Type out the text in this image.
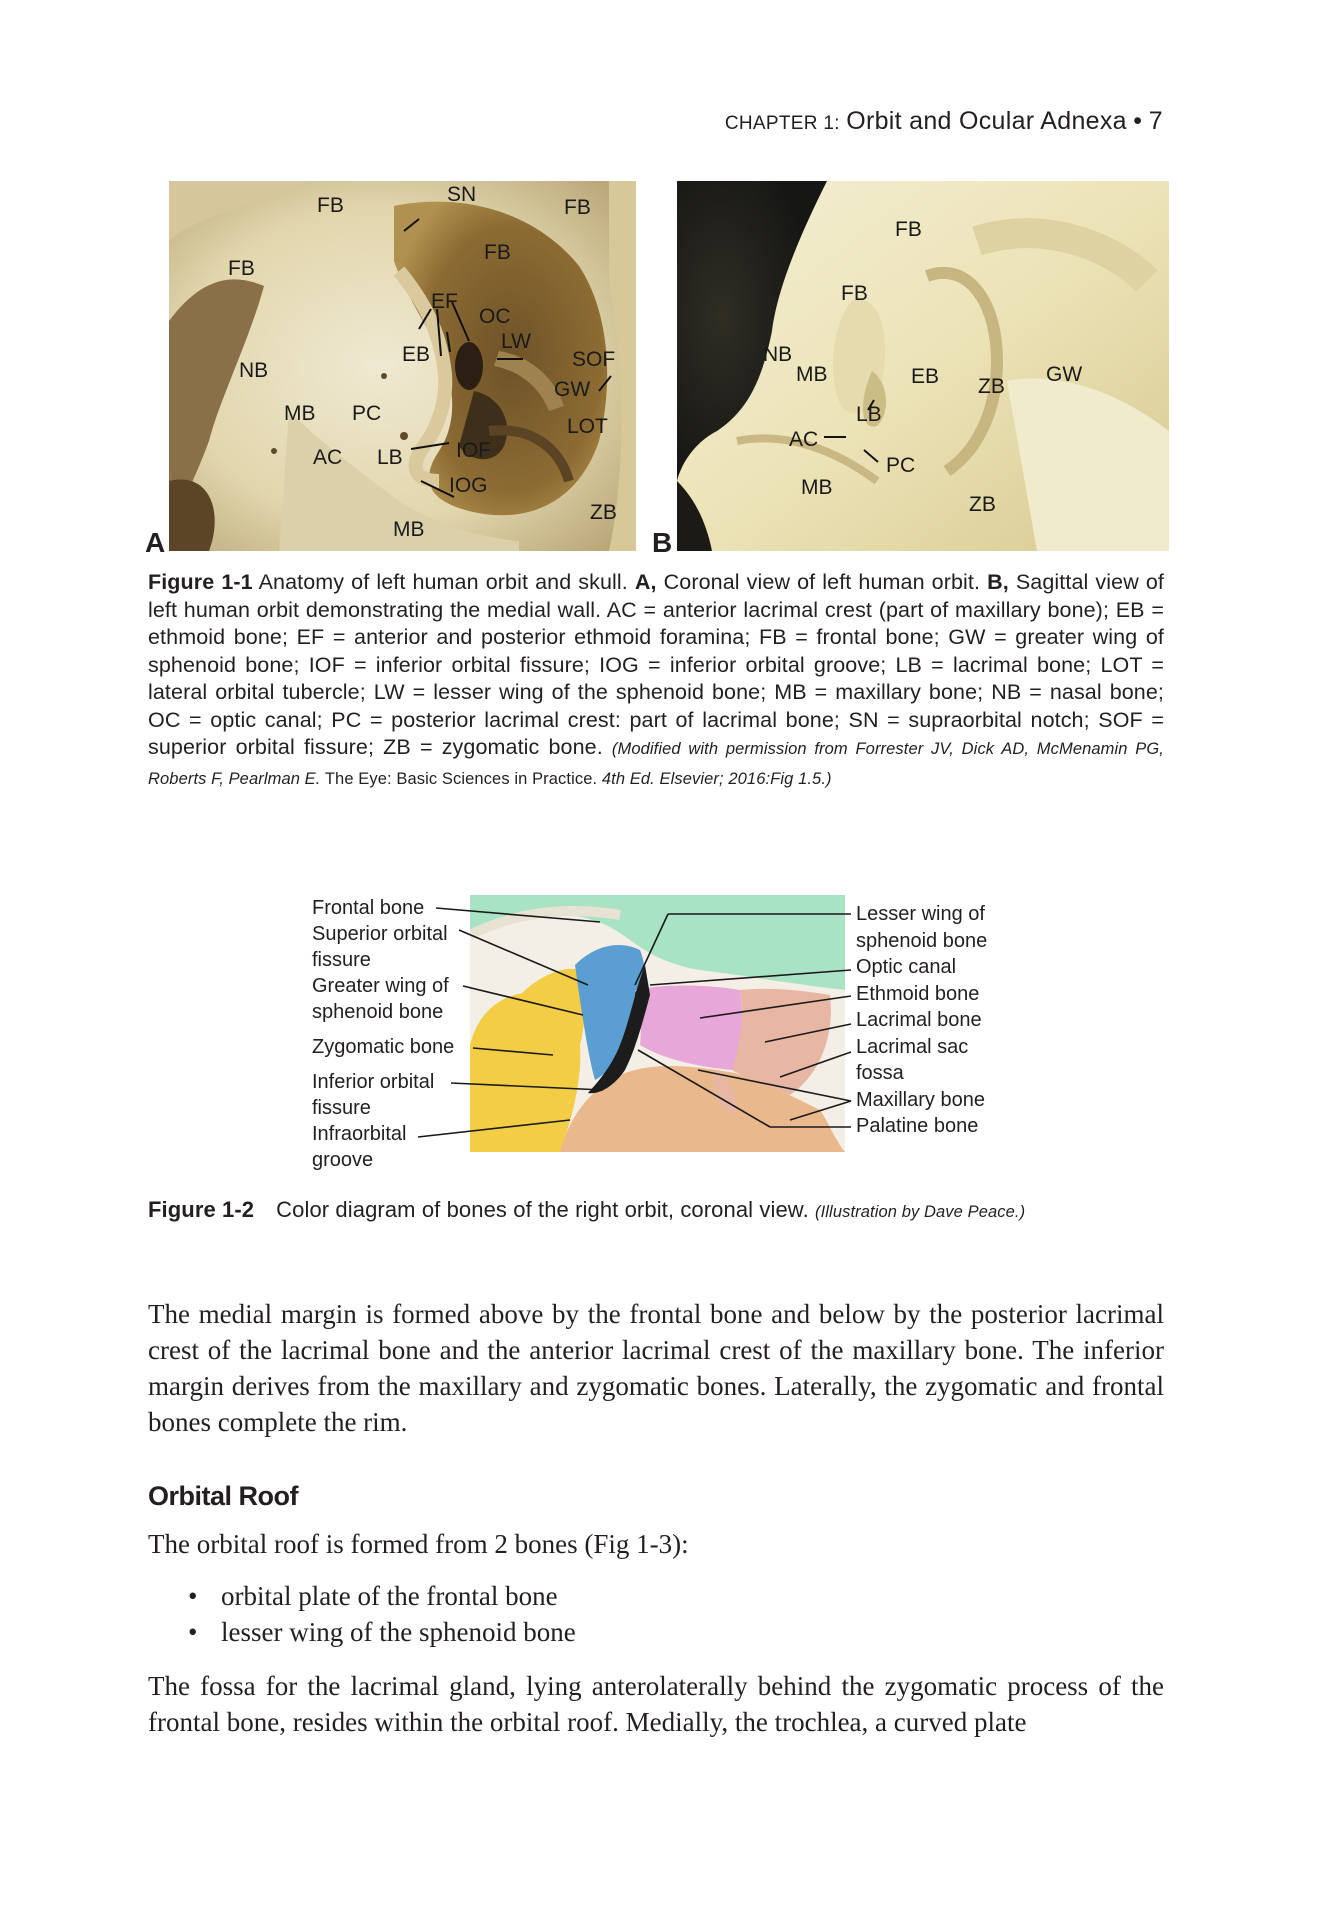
CHAPTER 1: Orbit and Ocular Adnexa • 7
FB	SN
FB
FB
FB
EF
OC
LW
EB	SOF
NB
GW
MB PC
LOT
AC LB	IOF
IOG
ZB
MB
A
FB
FB
NB
MB	EB ZB
GW
LB
AC
PC
MB
ZB
B
Figure 1-1 Anatomy of left human orbit and skull. A, Coronal view of left human orbit. B, Sagittal view of left human orbit demonstrating the medial wall. AC = anterior lacrimal crest (part of maxillary bone); EB = ethmoid bone; EF = anterior and posterior ethmoid foramina; FB = frontal bone; GW = greater wing of sphenoid bone; IOF = inferior orbital fissure; IOG = inferior orbital groove; LB = lacrimal bone; LOT = lateral orbital tubercle; LW = lesser wing of the sphenoid bone; MB = maxillary bone; NB = nasal bone; OC = optic canal; PC = posterior lacrimal crest: part of lacrimal bone; SN = supraorbital notch; SOF = superior orbital fissure; ZB = zygomatic bone. (Modified with permission from Forrester JV, Dick AD, McMenamin PG, Roberts F, Pearlman E. The Eye: Basic Sciences in Practice. 4th Ed. Elsevier; 2016:Fig 1.5.)
Frontal bone
Superior orbital
fissure
Greater wing of
sphenoid bone
Zygomatic bone
Inferior orbital
fissure
Infraorbital
groove
Lesser wing of
sphenoid bone
Optic canal
Ethmoid bone
Lacrimal bone
Lacrimal sac
fossa
Maxillary bone
Palatine bone
Figure 1-2 Color diagram of bones of the right orbit, coronal view. (Illustration by Dave Peace.)
The medial margin is formed above by the frontal bone and below by the posterior lacrimal crest of the lacrimal bone and the anterior lacrimal crest of the maxillary bone. The inferior margin derives from the maxillary and zygomatic bones. Laterally, the zygomatic and frontal bones complete the rim.
Orbital Roof
The orbital roof is formed from 2 bones (Fig 1-3):
• orbital plate of the frontal bone
• lesser wing of the sphenoid bone
The fossa for the lacrimal gland, lying anterolaterally behind the zygomatic process of the frontal bone, resides within the orbital roof. Medially, the trochlea, a curved plate
